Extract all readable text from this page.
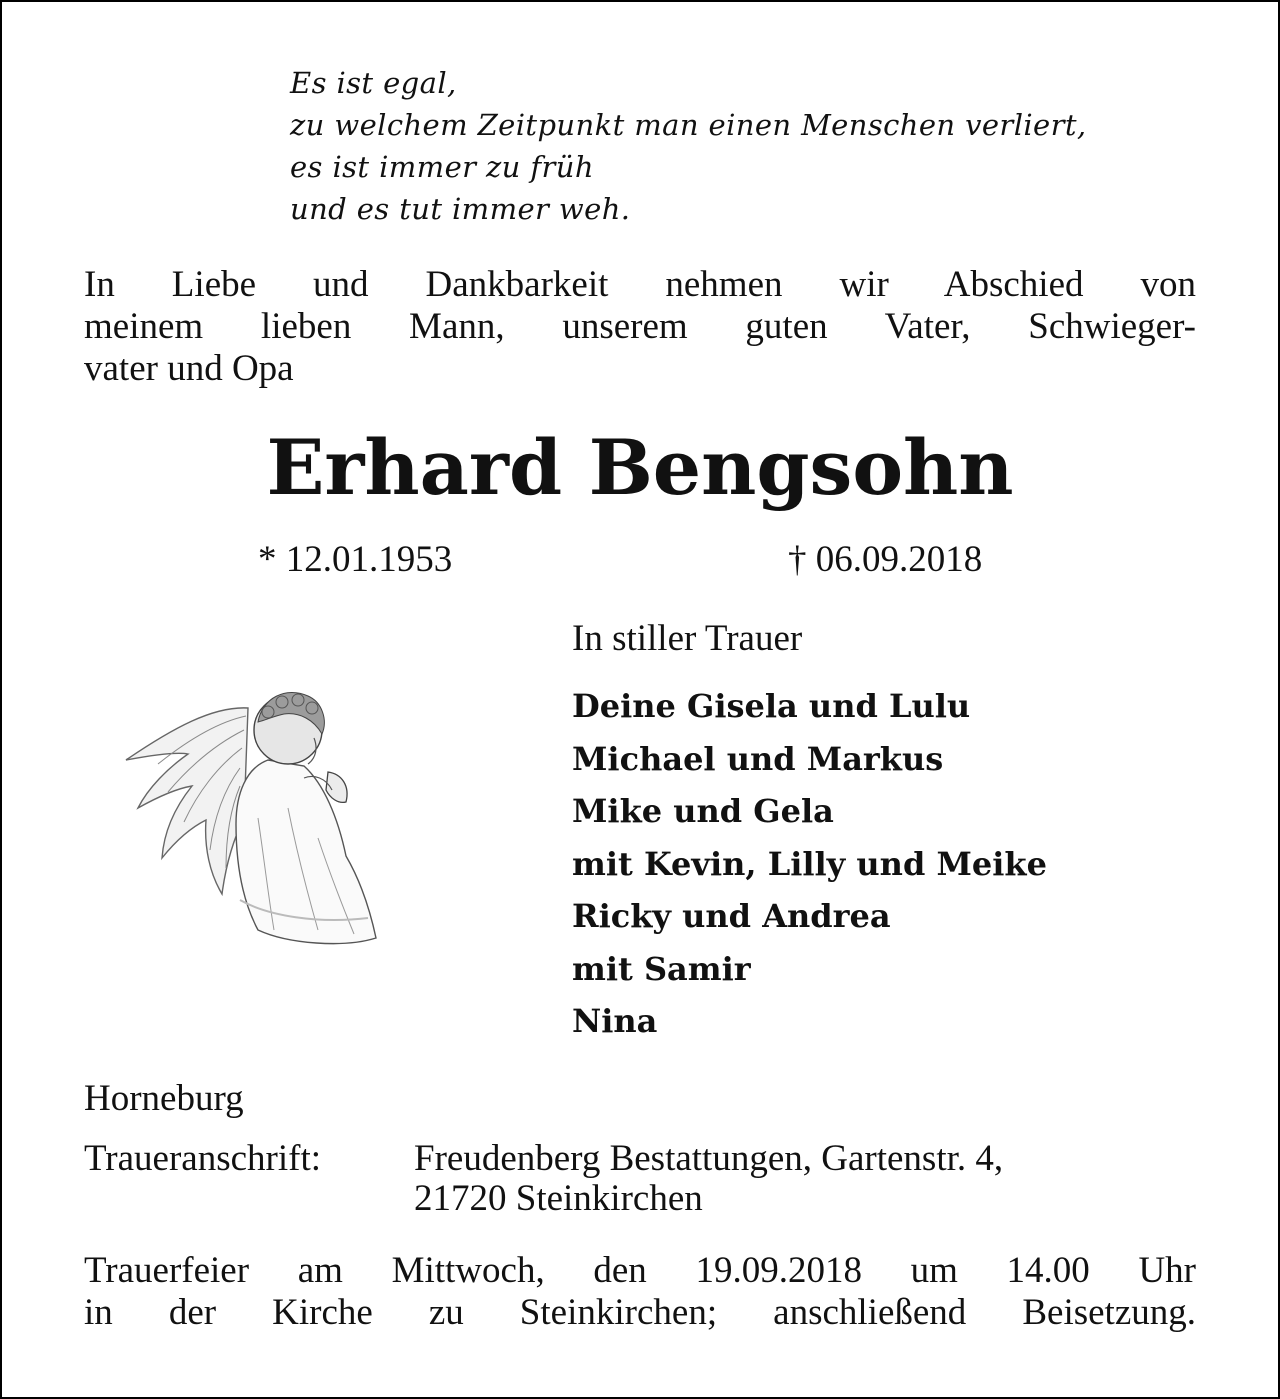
Es ist egal,
zu welchem Zeitpunkt man einen Menschen verliert,
es ist immer zu früh
und es tut immer weh.
In Liebe und Dankbarkeit nehmen wir Abschied von
meinem lieben Mann, unserem guten Vater, Schwieger-
vater und Opa
Erhard Bengsohn
* 12.01.1953	† 06.09.2018
In stiller Trauer
Deine Gisela und Lulu
Michael und Markus
Mike und Gela
mit Kevin, Lilly und Meike
Ricky und Andrea
mit Samir
Nina
Horneburg
Traueranschrift:	Freudenberg Bestattungen, Gartenstr. 4,
21720 Steinkirchen
Trauerfeier am Mittwoch, den 19.09.2018 um 14.00 Uhr
in der Kirche zu Steinkirchen; anschließend Beisetzung.
